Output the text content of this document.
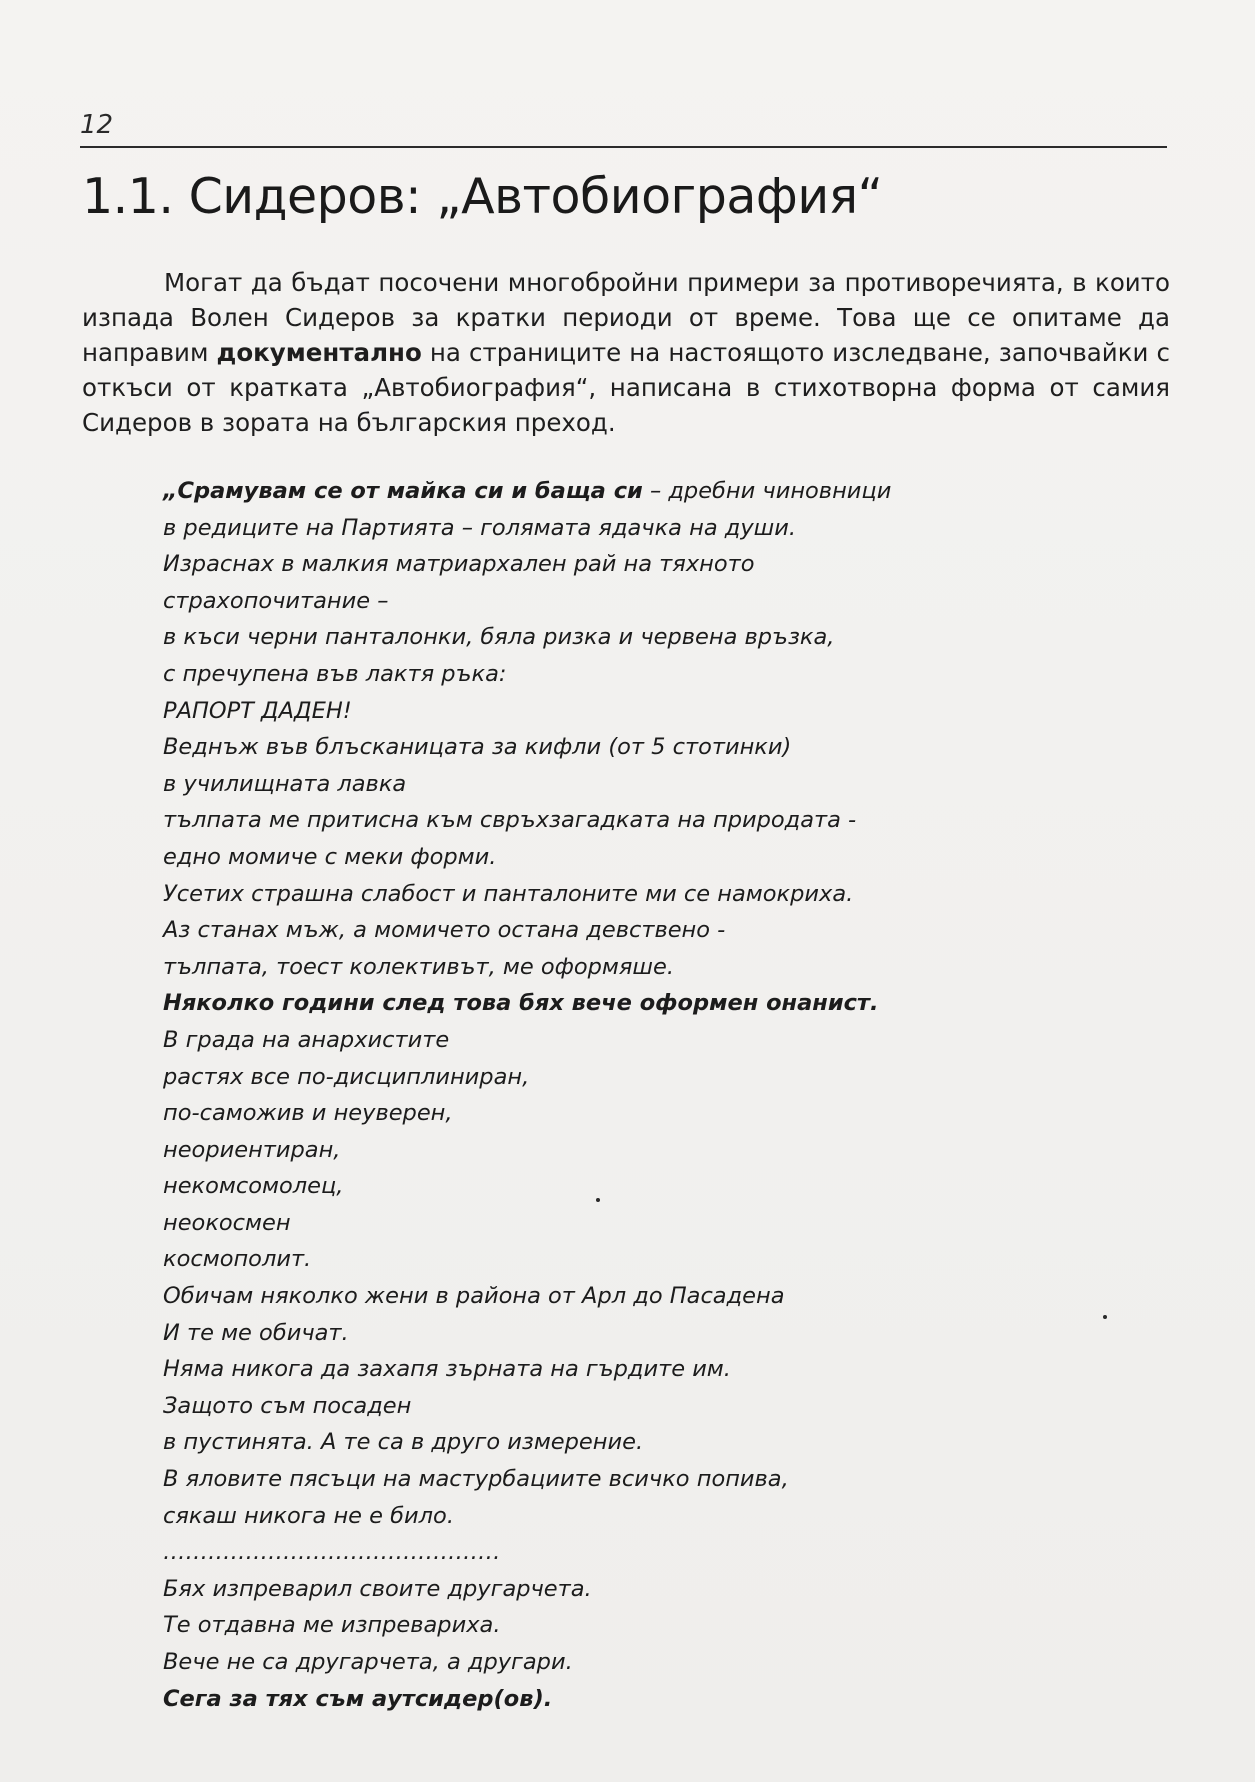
12
1.1. Сидеров: „Автобиография“

Могат да бъдат посочени многобройни примери за противоречията, в които изпада Волен Сидеров за кратки периоди от време. Това ще се опитаме да направим документално на страниците на настоящото изследване, започвайки с откъси от кратката „Автобиография“, написана в стихотворна форма от самия Сидеров в зората на българския преход.

„Срамувам се от майка си и баща си – дребни чиновници
в редиците на Партията – голямата ядачка на души.
Израснах в малкия матриархален рай на тяхното
страхопочитание –
в къси черни панталонки, бяла ризка и червена връзка,
с пречупена във лактя ръка:
РАПОРТ ДАДЕН!
Веднъж във блъсканицата за кифли (от 5 стотинки)
в училищната лавка
тълпата ме притисна към свръхзагадката на природата -
едно момиче с меки форми.
Усетих страшна слабост и панталоните ми се намокриха.
Аз станах мъж, а момичето остана девствено -
тълпата, тоест колективът, ме оформяше.
Няколко години след това бях вече оформен онанист.
В града на анархистите
растях все по-дисциплиниран,
по-саможив и неуверен,
неориентиран,
некомсомолец,
неокосмен
космополит.
Обичам няколко жени в района от Арл до Пасадена
И те ме обичат.
Няма никога да захапя зърната на гърдите им.
Защото съм посаден
в пустинята. А те са в друго измерение.
В яловите пясъци на мастурбациите всичко попива,
сякаш никога не е било.
………………………………………
Бях изпреварил своите другарчета.
Те отдавна ме изпревариха.
Вече не са другарчета, а другари.
Сега за тях съм аутсидер(ов).
